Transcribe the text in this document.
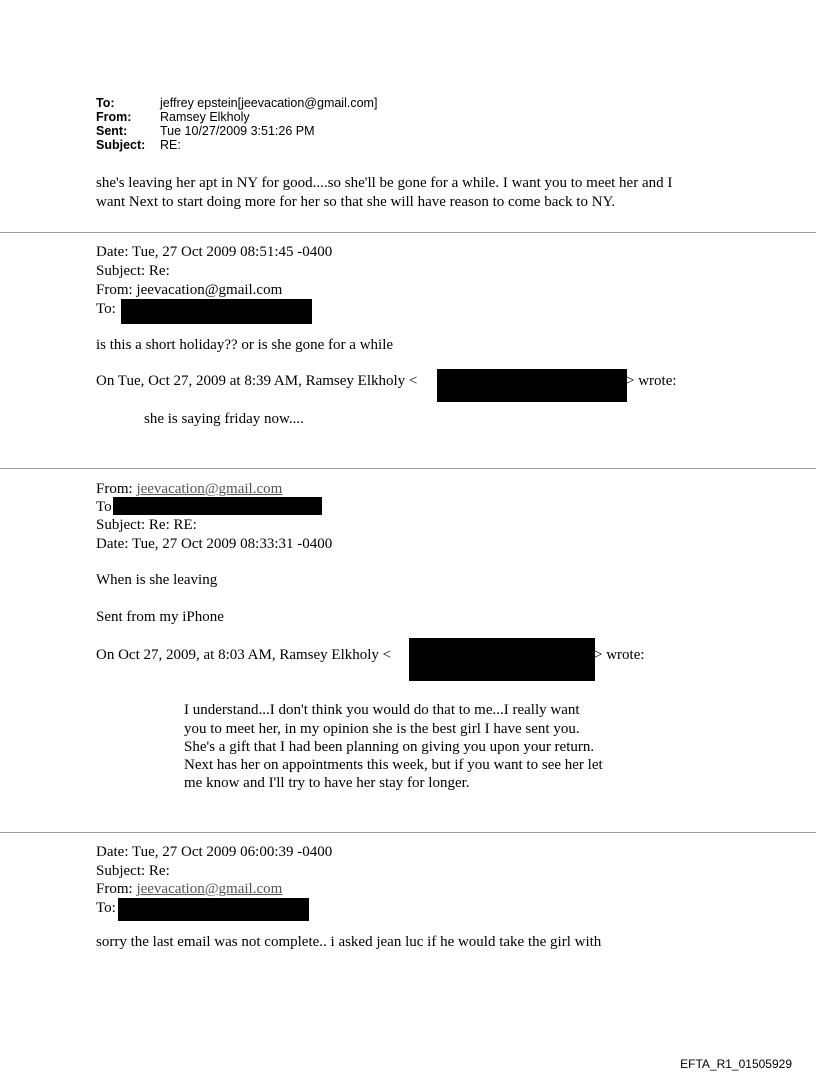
To:	jeffrey epstein[jeevacation@gmail.com]
From:	Ramsey Elkholy
Sent:	Tue 10/27/2009 3:51:26 PM
Subject:	RE:
she's leaving her apt in NY for good....so she'll be gone for a while. I want you to meet her and I
want Next to start doing more for her so that she will have reason to come back to NY.
Date: Tue, 27 Oct 2009 08:51:45 -0400
Subject: Re:
From: jeevacation@gmail.com
To:
is this a short holiday?? or is she gone for a while
On Tue, Oct 27, 2009 at 8:39 AM, Ramsey Elkholy <	> wrote:
she is saying friday now....
From: jeevacation@gmail.com
To
Subject: Re: RE:
Date: Tue, 27 Oct 2009 08:33:31 -0400
When is she leaving
Sent from my iPhone
On Oct 27, 2009, at 8:03 AM, Ramsey Elkholy <	> wrote:
I understand...I don't think you would do that to me...I really want
you to meet her, in my opinion she is the best girl I have sent you.
She's a gift that I had been planning on giving you upon your return.
Next has her on appointments this week, but if you want to see her let
me know and I'll try to have her stay for longer.
Date: Tue, 27 Oct 2009 06:00:39 -0400
Subject: Re:
From: jeevacation@gmail.com
To:
sorry the last email was not complete.. i asked jean luc if he would take the girl with
EFTA_R1_01505929
